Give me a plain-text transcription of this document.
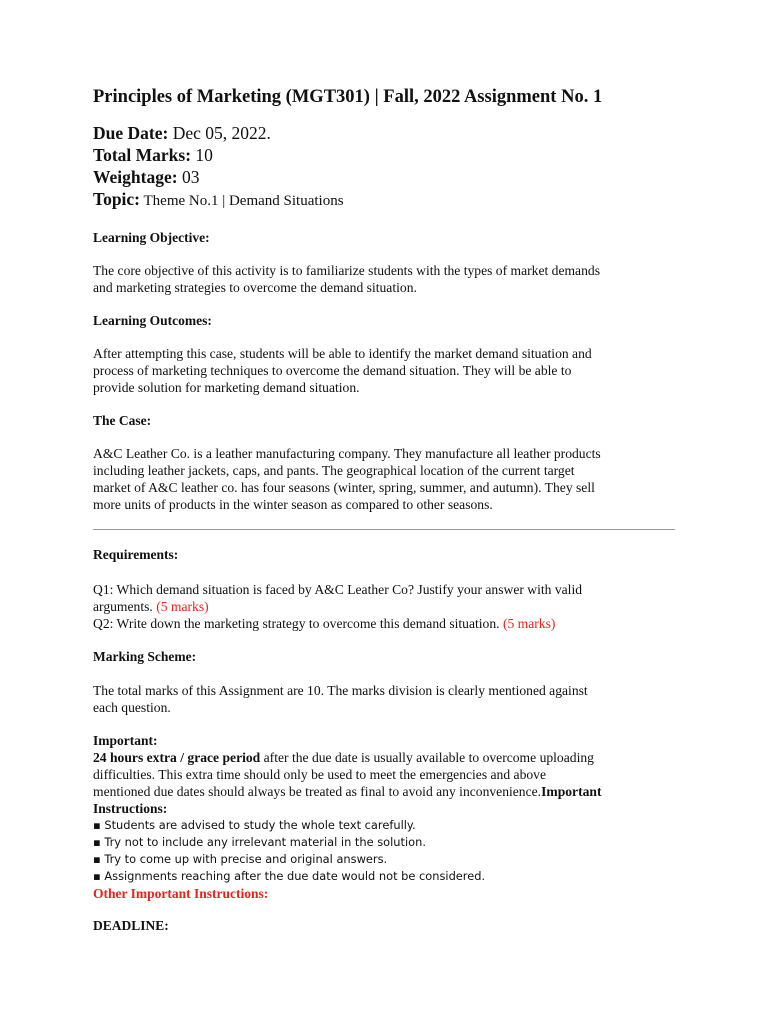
Principles of Marketing (MGT301) | Fall, 2022 Assignment No. 1

Due Date: Dec 05, 2022.
Total Marks: 10
Weightage: 03
Topic: Theme No.1 | Demand Situations

Learning Objective:

The core objective of this activity is to familiarize students with the types of market demands

and marketing strategies to overcome the demand situation.

Learning Outcomes:

After attempting this case, students will be able to identify the market demand situation and

process of marketing techniques to overcome the demand situation. They will be able to

provide solution for marketing demand situation.

The Case:

A&C Leather Co. is a leather manufacturing company. They manufacture all leather products

including leather jackets, caps, and pants. The geographical location of the current target

market of A&C leather co. has four seasons (winter, spring, summer, and autumn). They sell

more units of products in the winter season as compared to other seasons.

Requirements:

Q1: Which demand situation is faced by A&C Leather Co? Justify your answer with valid

arguments. (5 marks)

Q2: Write down the marketing strategy to overcome this demand situation. (5 marks)

Marking Scheme:

The total marks of this Assignment are 10. The marks division is clearly mentioned against

each question.

Important:

24 hours extra / grace period after the due date is usually available to overcome uploading

difficulties. This extra time should only be used to meet the emergencies and above

mentioned due dates should always be treated as final to avoid any inconvenience.Important

Instructions:

▪ Students are advised to study the whole text carefully.

▪ Try not to include any irrelevant material in the solution.

▪ Try to come up with precise and original answers.

▪ Assignments reaching after the due date would not be considered.

Other Important Instructions:

DEADLINE:
